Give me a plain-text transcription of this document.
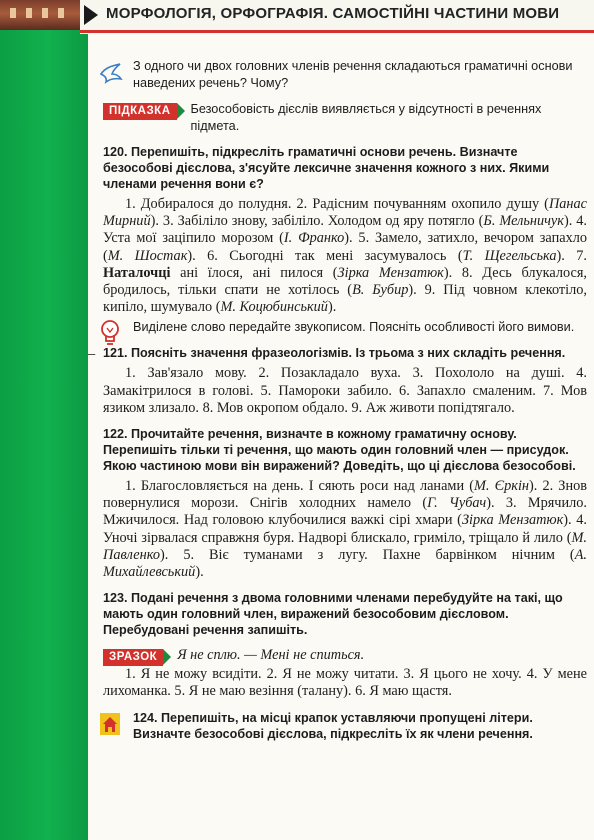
МОРФОЛОГІЯ, ОРФОГРАФІЯ. САМОСТІЙНІ ЧАСТИНИ МОВИ
З одного чи двох головних членів речення складаються граматичні основи наведених речень? Чому?
ПІДКАЗКА	Безособовість дієслів виявляється у відсутності в реченнях підмета.
120. Перепишіть, підкресліть граматичні основи речень. Визначте безособові дієслова, з'ясуйте лексичне значення кожного з них. Якими членами речення вони є?
1. Добиралося до полудня. 2. Радісним почуванням охопило душу (Панас Мирний). 3. Забіліло знову, забіліло. Холодом од яру потягло (Б. Мельничук). 4. Уста мої заціпило морозом (І. Франко). 5. Замело, затихло, вечором запахло (М. Шостак). 6. Сьогодні так мені засумувалось (Т. Щегельська). 7. Наталочці ані їлося, ані пилося (Зірка Мензатюк). 8. Десь блукалося, бродилось, тільки спати не хотілось (В. Бубир). 9. Під човном клекотіло, кипіло, шумувало (М. Коцюбинський).
Виділене слово передайте звукописом. Поясніть особливості його вимови.
– 121. Поясніть значення фразеологізмів. Із трьома з них складіть речення.
1. Зав'язало мову. 2. Позакладало вуха. 3. Похололо на душі. 4. Замакітрилося в голові. 5. Памороки забило. 6. Запахло смаленим. 7. Мов язиком злизало. 8. Мов окропом обдало. 9. Аж животи попідтягало.
122. Прочитайте речення, визначте в кожному граматичну основу. Перепишіть тільки ті речення, що мають один головний член — присудок. Якою частиною мови він виражений? Доведіть, що ці дієслова безособові.
1. Благословляється на день. І сяють роси над ланами (М. Єркін). 2. Знов повернулися морози. Снігів холодних намело (Г. Чубач). 3. Мрячило. Мжичилося. Над головою клубочилися важкі сірі хмари (Зірка Мензатюк). 4. Уночі зірвалася справжня буря. Надворі блискало, гриміло, тріщало й лило (М. Павленко). 5. Віє туманами з лугу. Пахне барвінком нічним (А. Михайлевський).
123. Подані речення з двома головними членами перебудуйте на такі, що мають один головний член, виражений безособовим дієсловом. Перебудовані речення запишіть.
ЗРАЗОК	Я не сплю. — Мені не спиться.
1. Я не можу всидіти. 2. Я не можу читати. 3. Я цього не хочу. 4. У мене лихоманка. 5. Я не маю везіння (талану). 6. Я маю щастя.
124. Перепишіть, на місці крапок уставляючи пропущені літери. Визначте безособові дієслова, підкресліть їх як члени речення.
